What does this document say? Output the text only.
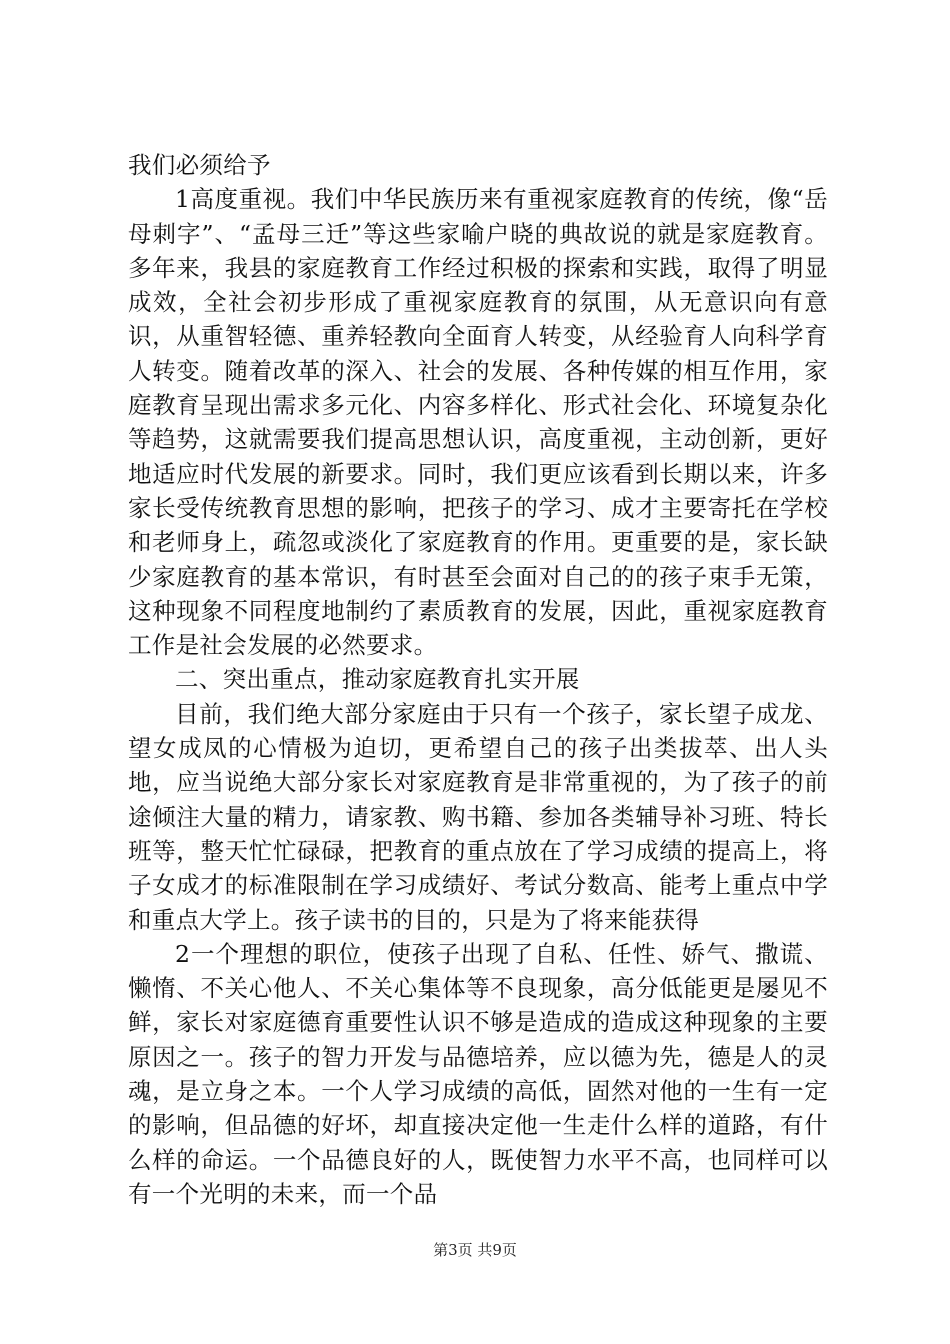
我们必须给予

1高度重视。我们中华民族历来有重视家庭教育的传统，像“岳母刺字”、“孟母三迁”等这些家喻户晓的典故说的就是家庭教育。多年来，我县的家庭教育工作经过积极的探索和实践，取得了明显成效，全社会初步形成了重视家庭教育的氛围，从无意识向有意识，从重智轻德、重养轻教向全面育人转变，从经验育人向科学育人转变。随着改革的深入、社会的发展、各种传媒的相互作用，家庭教育呈现出需求多元化、内容多样化、形式社会化、环境复杂化等趋势，这就需要我们提高思想认识，高度重视，主动创新，更好地适应时代发展的新要求。同时，我们更应该看到长期以来，许多家长受传统教育思想的影响，把孩子的学习、成才主要寄托在学校和老师身上，疏忽或淡化了家庭教育的作用。更重要的是，家长缺少家庭教育的基本常识，有时甚至会面对自己的的孩子束手无策，这种现象不同程度地制约了素质教育的发展，因此，重视家庭教育工作是社会发展的必然要求。

二、突出重点，推动家庭教育扎实开展

目前，我们绝大部分家庭由于只有一个孩子，家长望子成龙、望女成凤的心情极为迫切，更希望自己的孩子出类拔萃、出人头地，应当说绝大部分家长对家庭教育是非常重视的，为了孩子的前途倾注大量的精力，请家教、购书籍、参加各类辅导补习班、特长班等，整天忙忙碌碌，把教育的重点放在了学习成绩的提高上，将子女成才的标准限制在学习成绩好、考试分数高、能考上重点中学和重点大学上。孩子读书的目的，只是为了将来能获得

2一个理想的职位，使孩子出现了自私、任性、娇气、撒谎、懒惰、不关心他人、不关心集体等不良现象，高分低能更是屡见不鲜，家长对家庭德育重要性认识不够是造成的造成这种现象的主要原因之一。孩子的智力开发与品德培养，应以德为先，德是人的灵魂，是立身之本。一个人学习成绩的高低，固然对他的一生有一定的影响，但品德的好坏，却直接决定他一生走什么样的道路，有什么样的命运。一个品德良好的人，既使智力水平不高，也同样可以有一个光明的未来，而一个品

第3页 共9页
